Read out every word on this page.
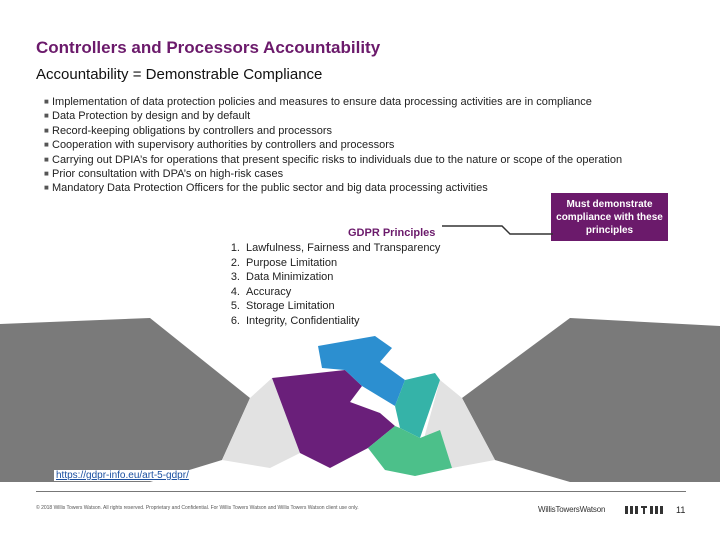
Controllers and Processors Accountability
Accountability = Demonstrable Compliance
■ Implementation of data protection policies and measures to ensure data processing activities are in compliance
■ Data Protection by design and by default
■ Record-keeping obligations by controllers and processors
■ Cooperation with supervisory authorities by controllers and processors
■ Carrying out DPIA’s for operations that present specific risks to individuals due to the nature or scope of the operation
■ Prior consultation with DPA’s on high-risk cases
■ Mandatory Data Protection Officers for the public sector and big data processing activities
Must demonstrate compliance with these principles
GDPR Principles
1. Lawfulness, Fairness and Transparency
2. Purpose Limitation
3. Data Minimization
4. Accuracy
5. Storage Limitation
6. Integrity, Confidentiality
https://gdpr-info.eu/art-5-gdpr/
© 2018 Willis Towers Watson. All rights reserved. Proprietary and Confidential. For Willis Towers Watson and Willis Towers Watson client use only.	WillisTowersWatson	11
